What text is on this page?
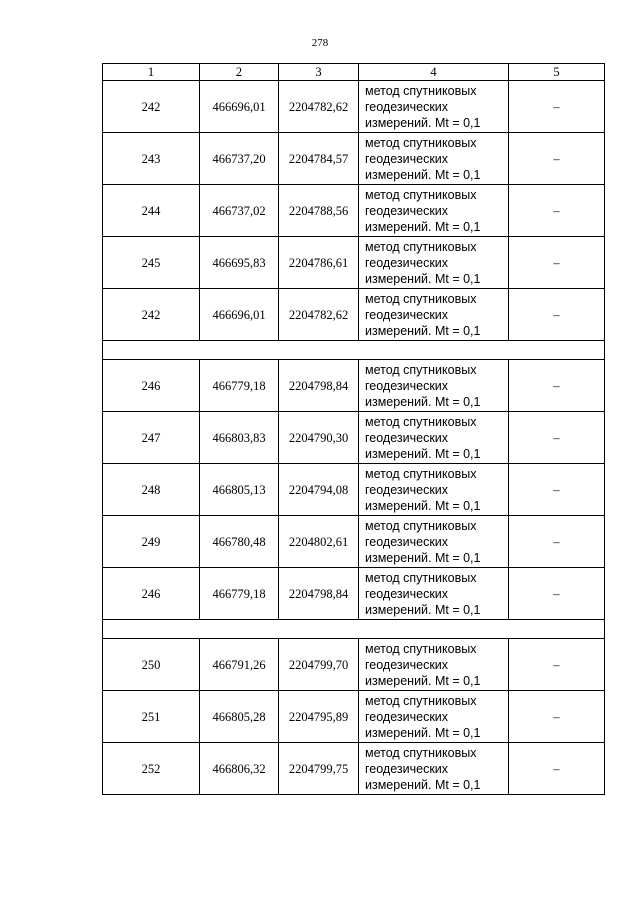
278
1	2	3	4	5
242	466696,01	2204782,62	метод спутниковых
геодезических
измерений. Mt = 0,1	–
243	466737,20	2204784,57	метод спутниковых
геодезических
измерений. Mt = 0,1	–
244	466737,02	2204788,56	метод спутниковых
геодезических
измерений. Mt = 0,1	–
245	466695,83	2204786,61	метод спутниковых
геодезических
измерений. Mt = 0,1	–
242	466696,01	2204782,62	метод спутниковых
геодезических
измерений. Mt = 0,1	–

246	466779,18	2204798,84	метод спутниковых
геодезических
измерений. Mt = 0,1	–
247	466803,83	2204790,30	метод спутниковых
геодезических
измерений. Mt = 0,1	–
248	466805,13	2204794,08	метод спутниковых
геодезических
измерений. Mt = 0,1	–
249	466780,48	2204802,61	метод спутниковых
геодезических
измерений. Mt = 0,1	–
246	466779,18	2204798,84	метод спутниковых
геодезических
измерений. Mt = 0,1	–

250	466791,26	2204799,70	метод спутниковых
геодезических
измерений. Mt = 0,1	–
251	466805,28	2204795,89	метод спутниковых
геодезических
измерений. Mt = 0,1	–
252	466806,32	2204799,75	метод спутниковых
геодезических
измерений. Mt = 0,1	–
